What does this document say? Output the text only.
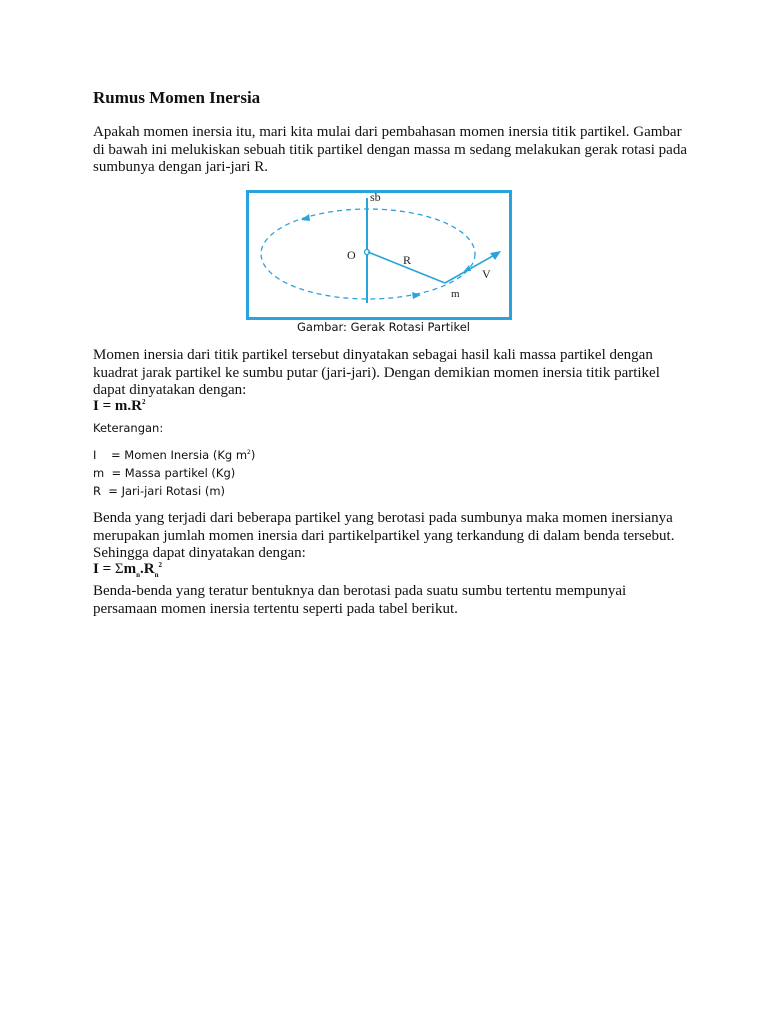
Rumus Momen Inersia

Apakah momen inersia itu, mari kita mulai dari pembahasan momen inersia titik partikel. Gambar di bawah ini melukiskan sebuah titik partikel dengan massa m sedang melakukan gerak rotasi pada sumbunya dengan jari-jari R.

sb
O	R
V
m

Gambar: Gerak Rotasi Partikel

Momen inersia dari titik partikel tersebut dinyatakan sebagai hasil kali massa partikel dengan kuadrat jarak partikel ke sumbu putar (jari-jari). Dengan demikian momen inersia titik partikel dapat dinyatakan dengan:

$I = m.R^2$

Keterangan:

I    = Momen Inersia (Kg $m^2$)

m  = Massa partikel (Kg)

R  = Jari-jari Rotasi (m)

Benda yang terjadi dari beberapa partikel yang berotasi pada sumbunya maka momen inersianya merupakan jumlah momen inersia dari partikelpartikel yang terkandung di dalam benda tersebut. Sehingga dapat dinyatakan dengan:

$I = \Sigma m_n.R_n^2$

Benda-benda yang teratur bentuknya dan berotasi pada suatu sumbu tertentu mempunyai persamaan momen inersia tertentu seperti pada tabel berikut.
